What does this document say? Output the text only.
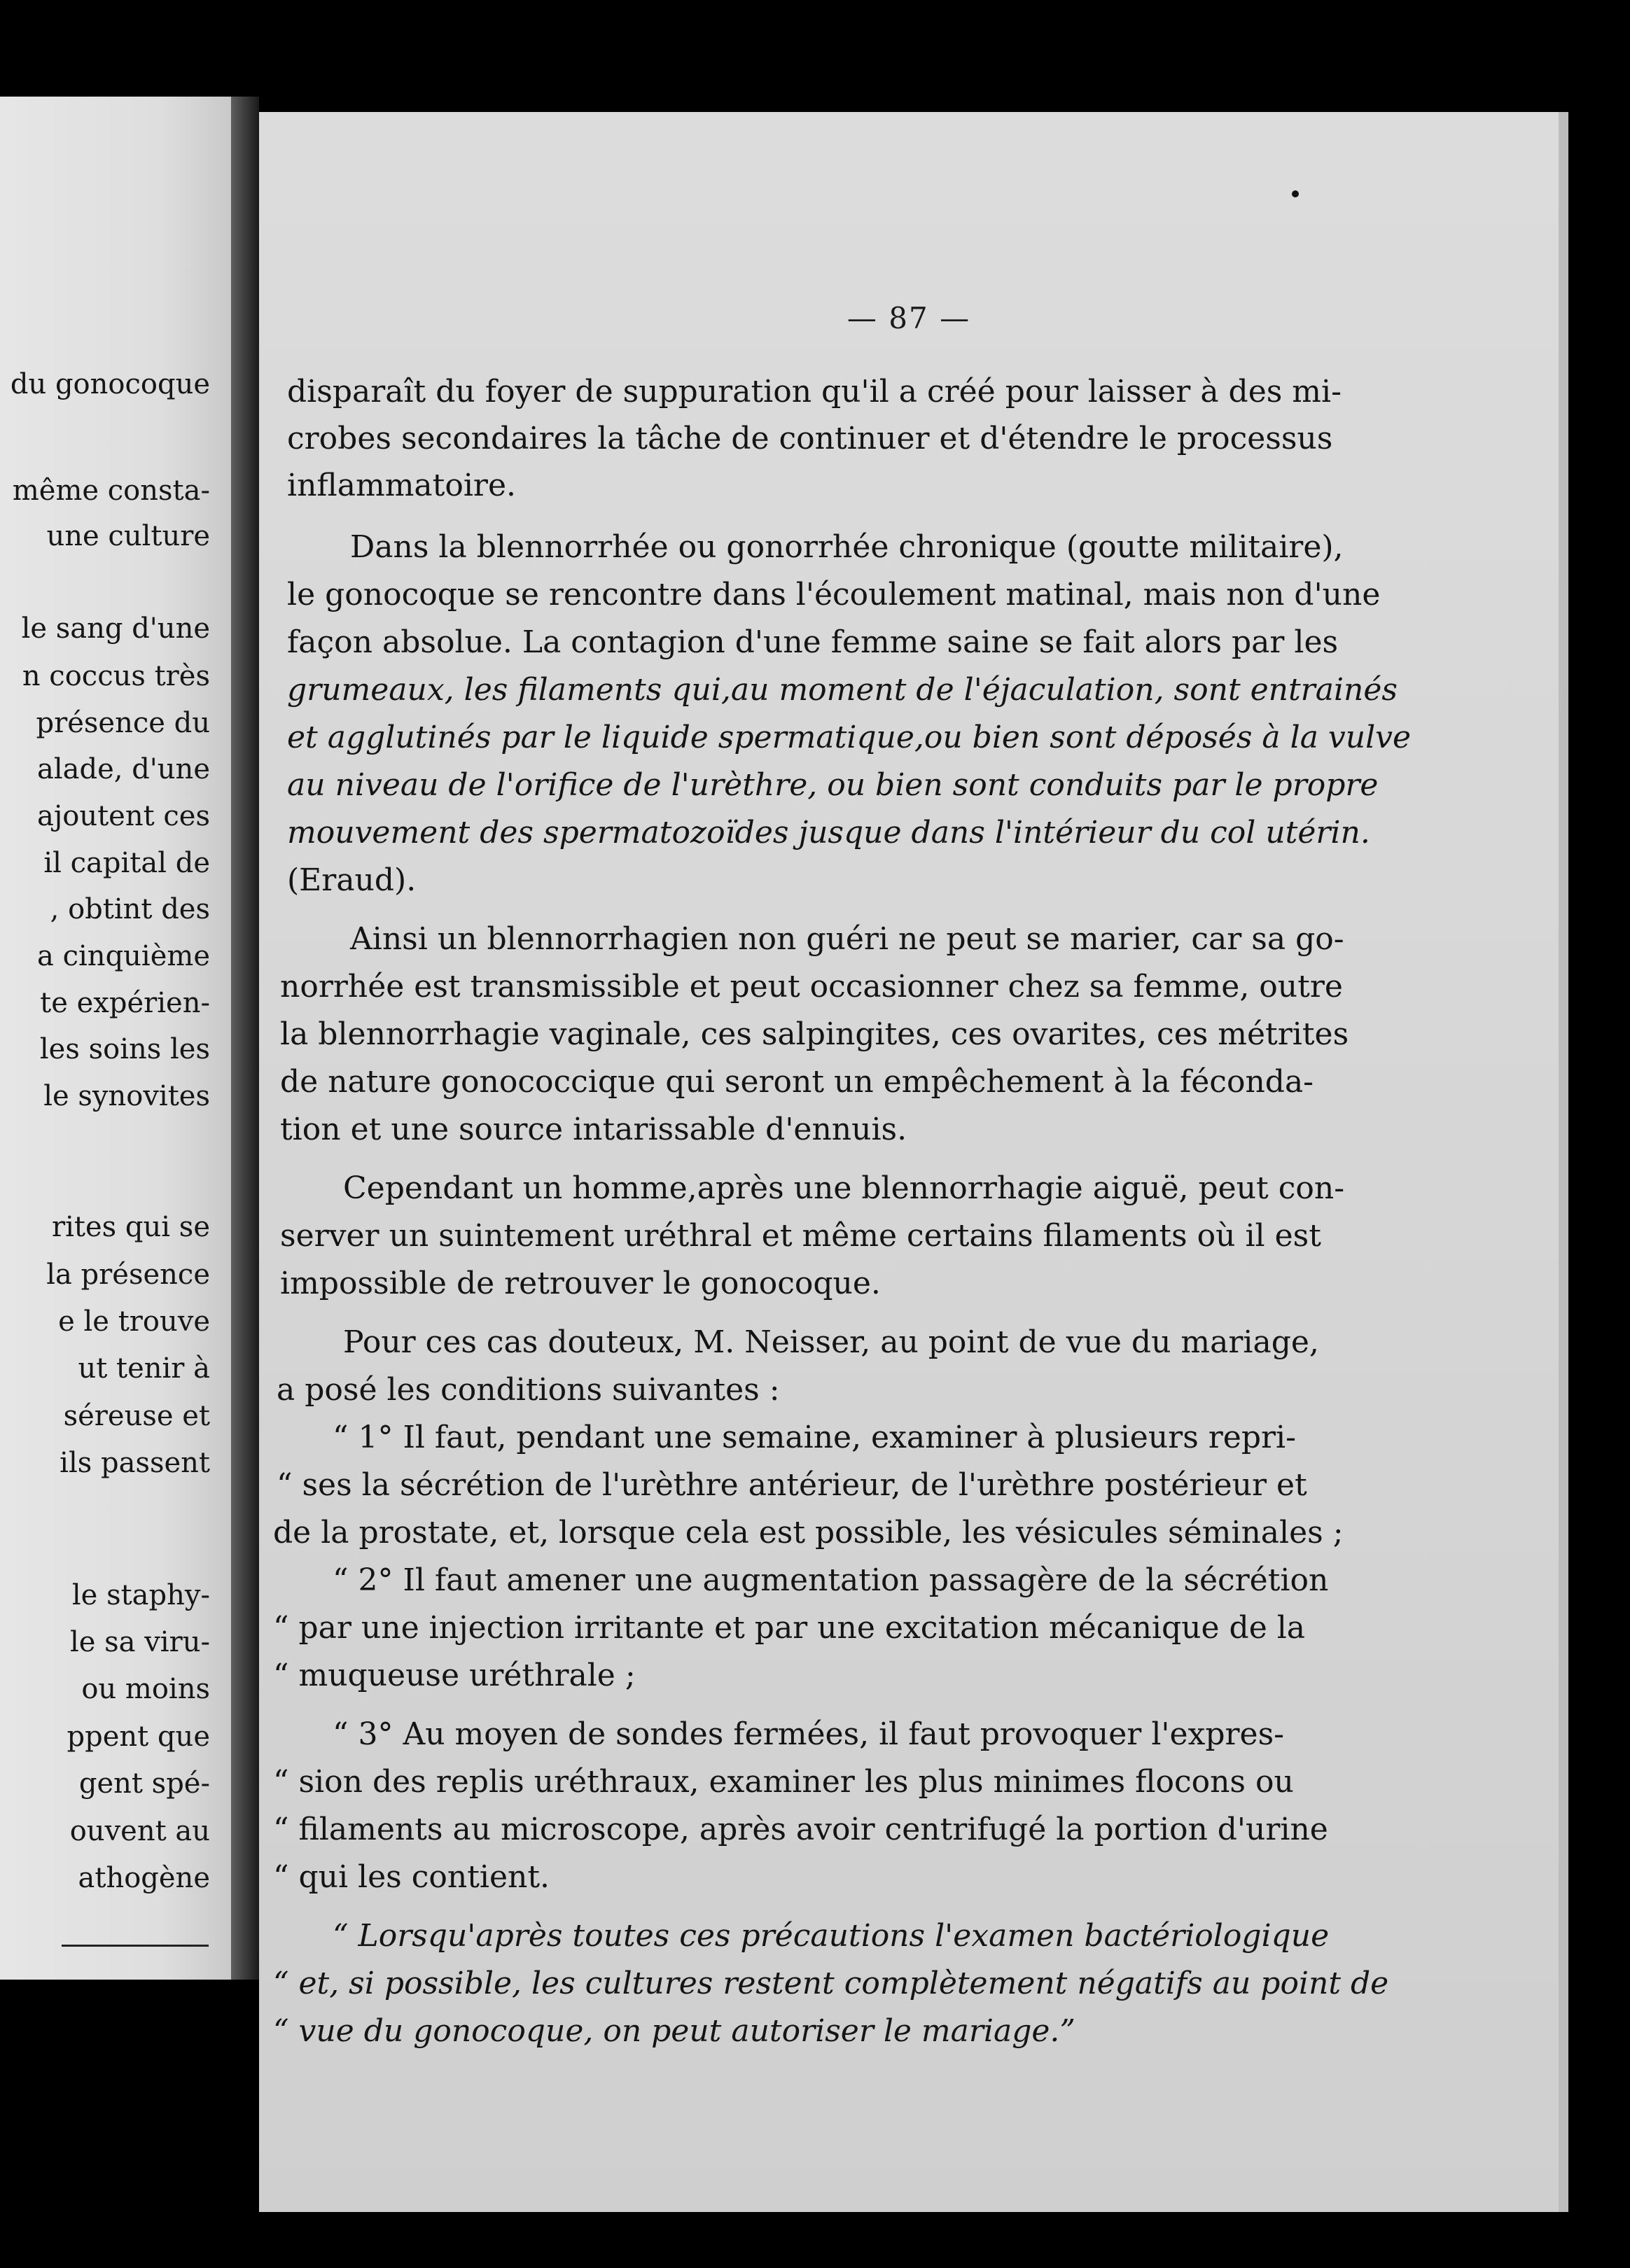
du gonocoque
même consta-
une culture
le sang d'une
n coccus très
présence du
alade, d'une
ajoutent ces
il capital de
, obtint des
a cinquième
te expérien-
les soins les
le synovites
rites qui se
la présence
e le trouve
ut tenir à
séreuse et
ils passent
le staphy-
le sa viru-
ou moins
ppent que
gent spé-
ouvent au
athogène
— 87 —
disparaît du foyer de suppuration qu'il a créé pour laisser à des mi-
crobes secondaires la tâche de continuer et d'étendre le processus
inflammatoire.
Dans la blennorrhée ou gonorrhée chronique (goutte militaire),
le gonocoque se rencontre dans l'écoulement matinal, mais non d'une
façon absolue. La contagion d'une femme saine se fait alors par les
grumeaux, les filaments qui,au moment de l'éjaculation, sont entrainés
et agglutinés par le liquide spermatique,ou bien sont déposés à la vulve
au niveau de l'orifice de l'urèthre, ou bien sont conduits par le propre
mouvement des spermatozoïdes jusque dans l'intérieur du col utérin.
(Eraud).
Ainsi un blennorrhagien non guéri ne peut se marier, car sa go-
norrhée est transmissible et peut occasionner chez sa femme, outre
la blennorrhagie vaginale, ces salpingites, ces ovarites, ces métrites
de nature gonococcique qui seront un empêchement à la féconda-
tion et une source intarissable d'ennuis.
Cependant un homme,après une blennorrhagie aiguë, peut con-
server un suintement uréthral et même certains filaments où il est
impossible de retrouver le gonocoque.
Pour ces cas douteux, M. Neisser, au point de vue du mariage,
a posé les conditions suivantes :
“ 1° Il faut, pendant une semaine, examiner à plusieurs repri-
“ ses la sécrétion de l'urèthre antérieur, de l'urèthre postérieur et
de la prostate, et, lorsque cela est possible, les vésicules séminales ;
“ 2° Il faut amener une augmentation passagère de la sécrétion
“ par une injection irritante et par une excitation mécanique de la
“ muqueuse uréthrale ;
“ 3° Au moyen de sondes fermées, il faut provoquer l'expres-
“ sion des replis uréthraux, examiner les plus minimes flocons ou
“ filaments au microscope, après avoir centrifugé la portion d'urine
“ qui les contient.
“ Lorsqu'après toutes ces précautions l'examen bactériologique
“ et, si possible, les cultures restent complètement négatifs au point de
“ vue du gonocoque, on peut autoriser le mariage.”
